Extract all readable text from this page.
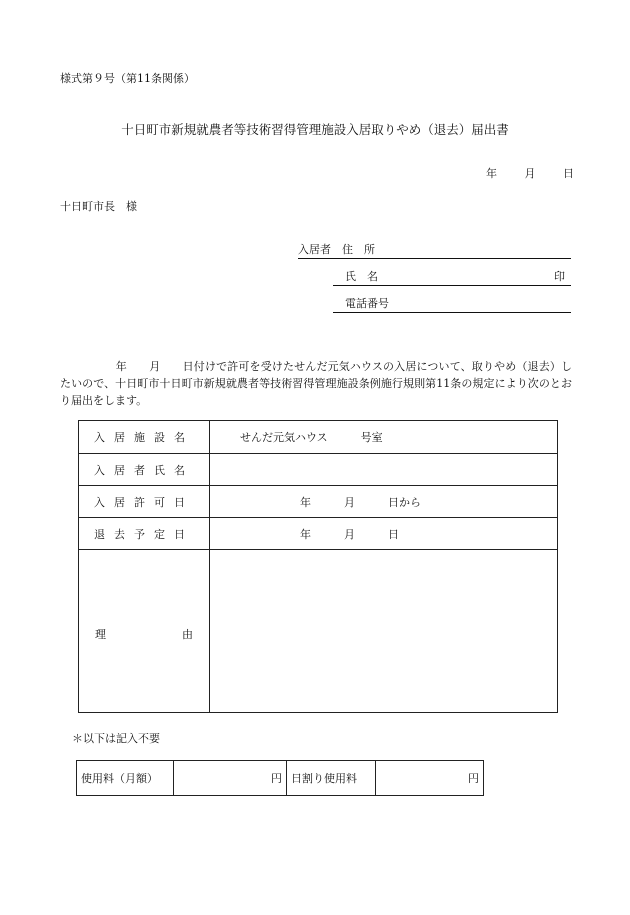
様式第９号（第11条関係）
十日町市新規就農者等技術習得管理施設入居取りやめ（退去）届出書
年	月	日
十日町市長　様
入居者　 住　所
氏　名	印
電話番号
　　　　　年　　月　　日付けで許可を受けたせんだ元気ハウスの入居について、取りやめ（退去）したいので、十日町市十日町市新規就農者等技術習得管理施設条例施行規則第11条の規定により次のとおり届出をします。
入居施設名	せんだ元気ハウス　　　号室
入居者氏名	
入居許可日	年　　　月　　　日から
退去予定日	年　　　月　　　日

理 由	

＊以下は記入不要
使用料（月額）	円	日割り使用料	円
